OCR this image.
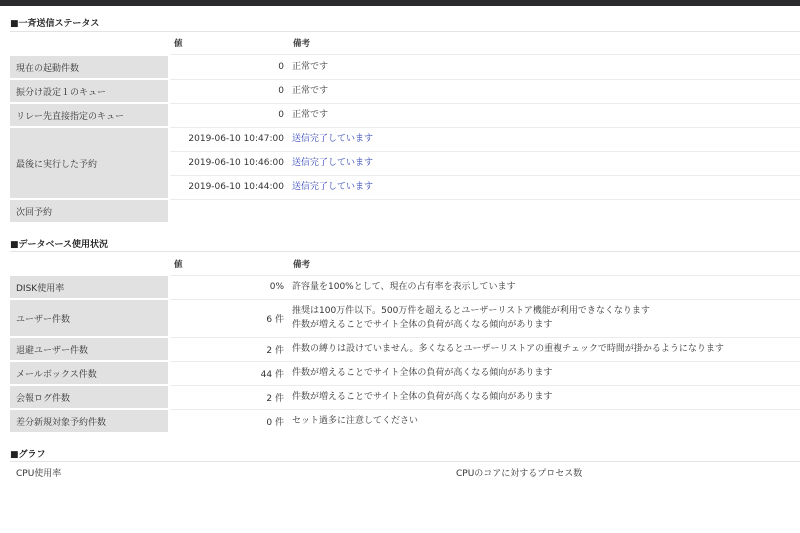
■一斉送信ステータス
値	備考
現在の起動件数	0 正常です
振分け設定１のキュー	0 正常です
リレー先直接指定のキュー	0 正常です
最後に実行した予約
2019-06-10 10:47:00 送信完了しています
2019-06-10 10:46:00 送信完了しています
2019-06-10 10:44:00 送信完了しています
次回予約
■データベース使用状況
値	備考
DISK使用率	0% 許容量を100%として、現在の占有率を表示しています
ユーザー件数	6 件
推奨は100万件以下。500万件を超えるとユーザーリストア機能が利用できなくなります
件数が増えることでサイト全体の負荷が高くなる傾向があります
退避ユーザー件数	2 件 件数の縛りは設けていません。多くなるとユーザーリストアの重複チェックで時間が掛かるようになります
メールボックス件数	44 件 件数が増えることでサイト全体の負荷が高くなる傾向があります
会報ログ件数	2 件 件数が増えることでサイト全体の負荷が高くなる傾向があります
差分新規対象予約件数	0 件 セット過多に注意してください
■グラフ
CPU使用率	CPUのコアに対するプロセス数
